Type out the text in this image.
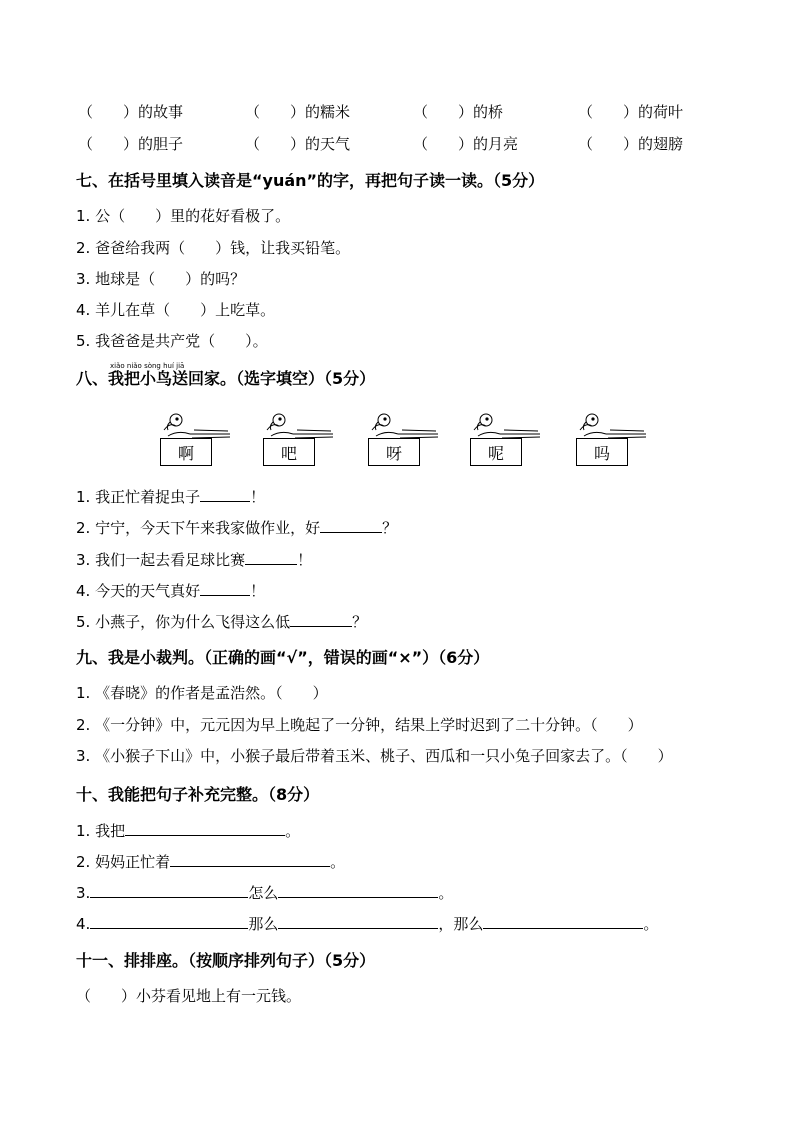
（　　）的故事	（　　）的糯米	（　　）的桥	（　　）的荷叶
（　　）的胆子	（　　）的天气	（　　）的月亮	（　　）的翅膀
七、在括号里填入读音是“yuán”的字，再把句子读一读。（5分）
1. 公（　　）里的花好看极了。
2. 爸爸给我两（　　）钱，让我买铅笔。
3. 地球是（　　）的吗？
4. 羊儿在草（　　）上吃草。
5. 我爸爸是共产党（　　）。
xiǎo niǎo sòng huí jiā
八、我把小鸟送回家。（选字填空）（5分）
啊	吧	呀	呢	吗
1. 我正忙着捉虫子	！
2. 宁宁，今天下午来我家做作业，好	？
3. 我们一起去看足球比赛	！
4. 今天的天气真好	！
5. 小燕子，你为什么飞得这么低	？
九、我是小裁判。（正确的画“√”，错误的画“×”）（6分）
1. 《春晓》的作者是孟浩然。（　　）
2. 《一分钟》中，元元因为早上晚起了一分钟，结果上学时迟到了二十分钟。（　　）
3. 《小猴子下山》中，小猴子最后带着玉米、桃子、西瓜和一只小兔子回家去了。（　　）
十、我能把句子补充完整。（8分）
1. 我把	。
2. 妈妈正忙着	。
3.	怎么	。
4.	那么	，那么	。
十一、排排座。（按顺序排列句子）（5分）
（　　）小芬看见地上有一元钱。
